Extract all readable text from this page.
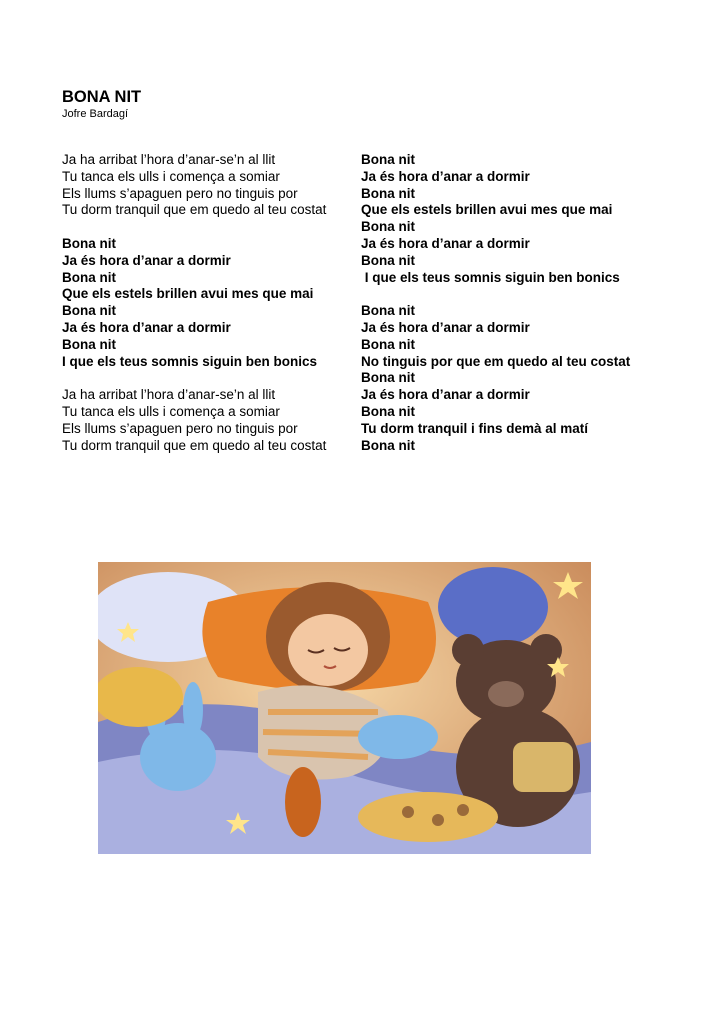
BONA NIT
Jofre Bardagí
Ja ha arribat l’hora d’anar-se’n al llit
Tu tanca els ulls i comença a somiar
Els llums s’apaguen pero no tinguis por
Tu dorm tranquil que em quedo al teu costat
Bona nit
Ja és hora d’anar a dormir
Bona nit
Que els estels brillen avui mes que mai
Bona nit
Ja és hora d’anar a dormir
Bona nit
I que els teus somnis siguin ben bonics
Ja ha arribat l’hora d’anar-se’n al llit
Tu tanca els ulls i comença a somiar
Els llums s’apaguen pero no tinguis por
Tu dorm tranquil que em quedo al teu costat
Bona nit
Ja és hora d’anar a dormir
Bona nit
Que els estels brillen avui mes que mai
Bona nit
Ja és hora d’anar a dormir
Bona nit
I que els teus somnis siguin ben bonics
Bona nit
Ja és hora d’anar a dormir
Bona nit
No tinguis por que em quedo al teu costat
Bona nit
Ja és hora d’anar a dormir
Bona nit
Tu dorm tranquil i fins demà al matí
Bona nit
